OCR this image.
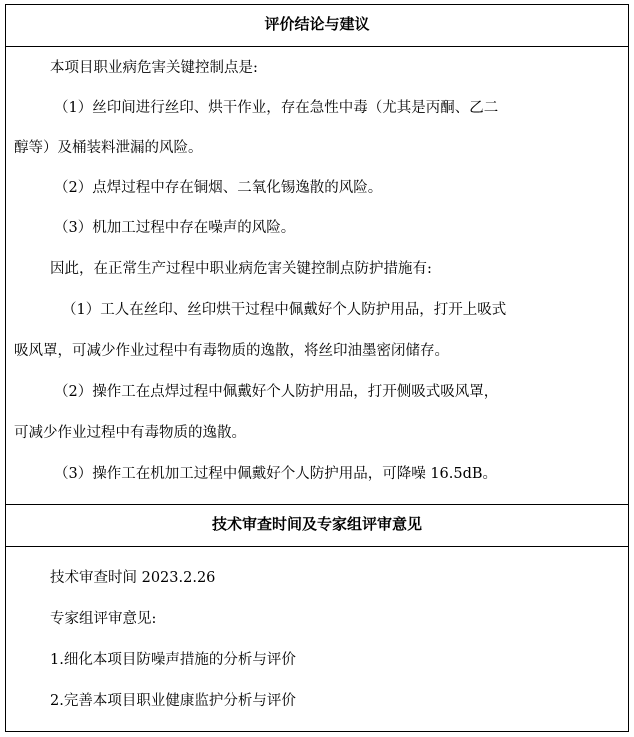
评价结论与建议
本项目职业病危害关键控制点是:
（1）丝印间进行丝印、烘干作业，存在急性中毒（尤其是丙酮、乙二
醇等）及桶装料泄漏的风险。
（2）点焊过程中存在铜烟、二氧化锡逸散的风险。
（3）机加工过程中存在噪声的风险。
因此，在正常生产过程中职业病危害关键控制点防护措施有:
（1）工人在丝印、丝印烘干过程中佩戴好个人防护用品，打开上吸式
吸风罩，可减少作业过程中有毒物质的逸散，将丝印油墨密闭储存。
（2）操作工在点焊过程中佩戴好个人防护用品，打开侧吸式吸风罩，
可减少作业过程中有毒物质的逸散。
（3）操作工在机加工过程中佩戴好个人防护用品，可降噪 16.5dB。
技术审查时间及专家组评审意见
技术审查时间 2023.2.26
专家组评审意见:
1.细化本项目防噪声措施的分析与评价
2.完善本项目职业健康监护分析与评价
